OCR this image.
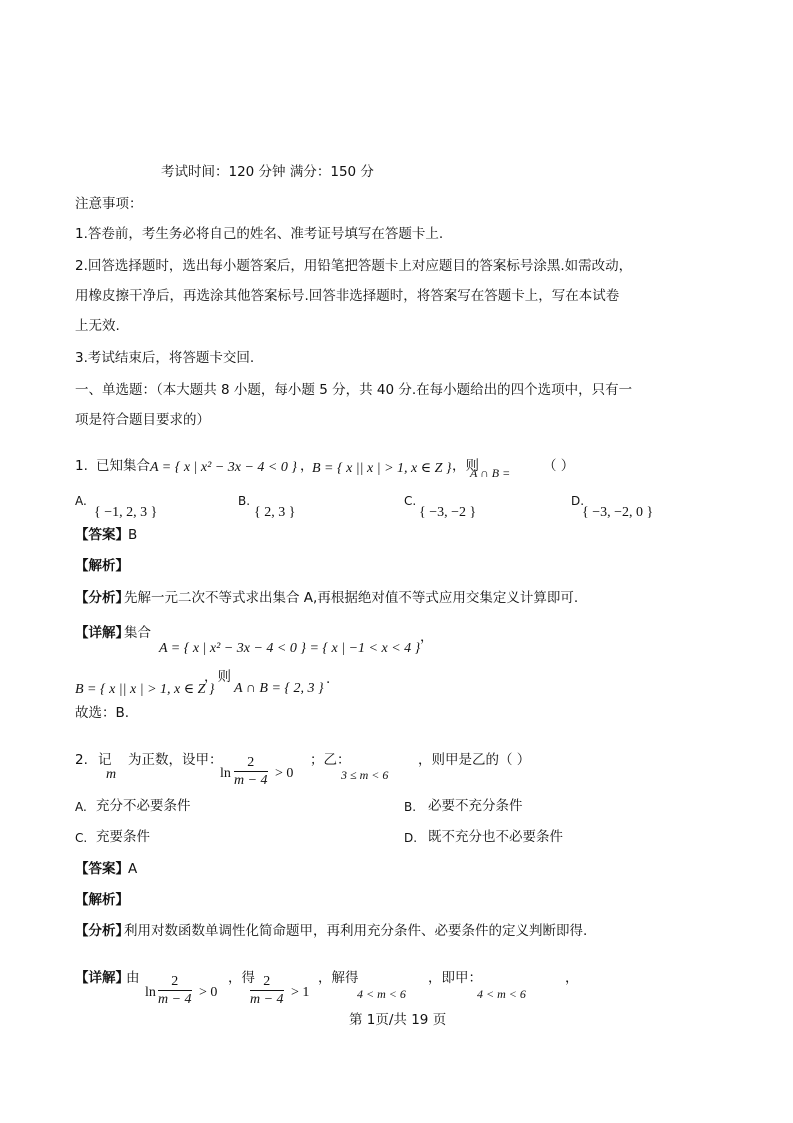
考试时间：120 分钟 满分：150 分
注意事项：
1.答卷前，考生务必将自己的姓名、准考证号填写在答题卡上.
2.回答选择题时，选出每小题答案后，用铅笔把答题卡上对应题目的答案标号涂黑.如需改动，
用橡皮擦干净后，再选涂其他答案标号.回答非选择题时，将答案写在答题卡上，写在本试卷
上无效.
3.考试结束后，将答题卡交回.
一、单选题：（本大题共 8 小题，每小题 5 分，共 40 分.在每小题给出的四个选项中，只有一
项是符合题目要求的）
1. 已知集合 A = { x | x² − 3x − 4 < 0 } ，
B = { x || x | > 1, x ∈ Z } ，则
A ∩ B = （ ）
A.
{ −1, 2, 3 }
B.
{ 2, 3 }
C.
{ −3, −2 }
D.
{ −3, −2, 0 }
【答案】 B
【解析】
【分析】
先解一元二次不等式求出集合 A,再根据绝对值不等式应用交集定义计算即可.
【详解】
集合
A = { x | x² − 3x − 4 < 0 } = { x | −1 < x < 4 }
，
B = { x || x | > 1, x ∈ Z }
，则
A ∩ B = { 2, 3 }
.
故选：B.
2. 记
m
为正数，设甲：
$\ln \frac{2}{m - 4} > 0$
；乙：
3 ≤ m < 6
，则甲是乙的（ ）
A. 充分不必要条件	B. 必要不充分条件
C. 充要条件	D. 既不充分也不必要条件
【答案】 A
【解析】
【分析】
利用对数函数单调性化简命题甲，再利用充分条件、必要条件的定义判断即得.
【详解】
由
$\ln \frac{2}{m - 4} > 0$
，得
$\frac{2}{m - 4} > 1$
，解得
4 < m < 6
，即甲：
4 < m < 6
，
第 1页/共 19 页
